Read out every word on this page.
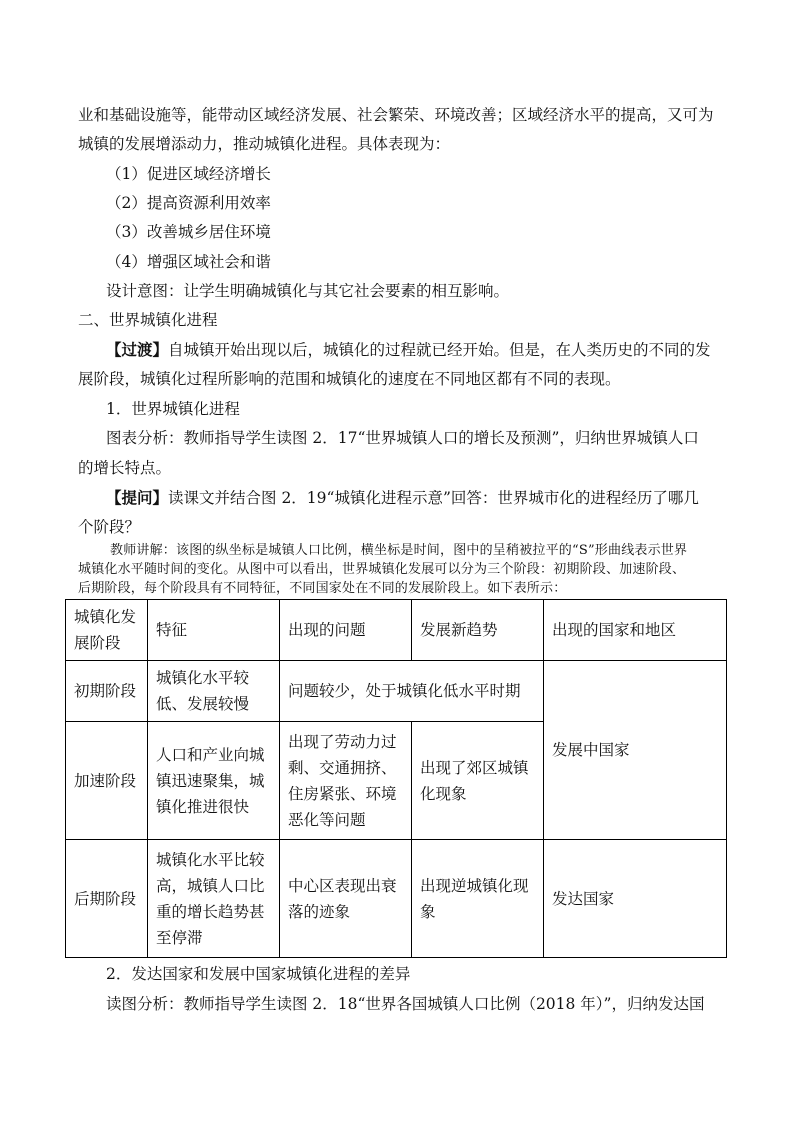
业和基础设施等，能带动区域经济发展、社会繁荣、环境改善；区域经济水平的提高，又可为
城镇的发展增添动力，推动城镇化进程。具体表现为：
（1）促进区域经济增长
（2）提高资源利用效率
（3）改善城乡居住环境
（4）增强区域社会和谐
设计意图：让学生明确城镇化与其它社会要素的相互影响。
二、世界城镇化进程
【过渡】自城镇开始出现以后，城镇化的过程就已经开始。但是，在人类历史的不同的发
展阶段，城镇化过程所影响的范围和城镇化的速度在不同地区都有不同的表现。
1．世界城镇化进程
图表分析：教师指导学生读图 2．17“世界城镇人口的增长及预测”，归纳世界城镇人口
的增长特点。
【提问】读课文并结合图 2．19“城镇化进程示意”回答：世界城市化的进程经历了哪几
个阶段？
教师讲解：该图的纵坐标是城镇人口比例，横坐标是时间，图中的呈稍被拉平的“S”形曲线表示世界
城镇化水平随时间的变化。从图中可以看出，世界城镇化发展可以分为三个阶段：初期阶段、加速阶段、
后期阶段，每个阶段具有不同特征，不同国家处在不同的发展阶段上。如下表所示：
城镇化发展阶段	特征	出现的问题	发展新趋势	出现的国家和地区
初期阶段	城镇化水平较低、发展较慢	问题较少，处于城镇化低水平时期		发展中国家
加速阶段	人口和产业向城镇迅速聚集，城镇化推进很快	出现了劳动力过剩、交通拥挤、住房紧张、环境恶化等问题	出现了郊区城镇化现象	
后期阶段	城镇化水平比较高，城镇人口比重的增长趋势甚至停滞	中心区表现出衰落的迹象	出现逆城镇化现象	发达国家
2．发达国家和发展中国家城镇化进程的差异
读图分析：教师指导学生读图 2．18“世界各国城镇人口比例（2018 年）”，归纳发达国
